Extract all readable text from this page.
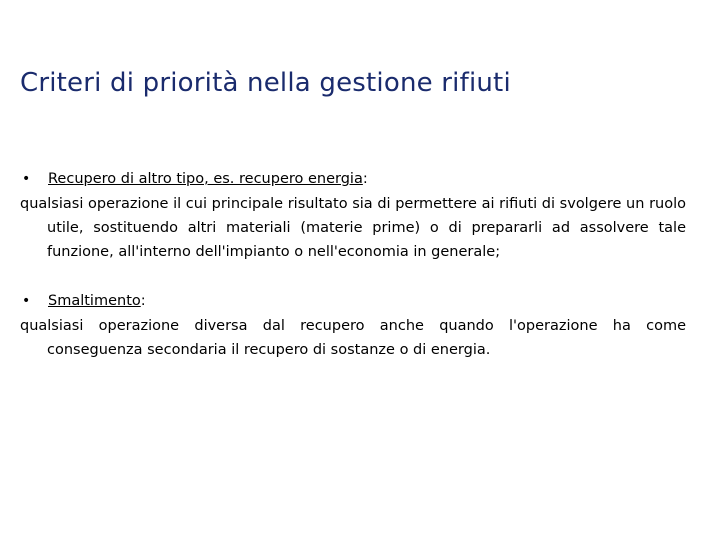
Criteri di priorità nella gestione rifiuti
• Recupero di altro tipo, es. recupero energia:

qualsiasi operazione il cui principale risultato sia di permettere ai rifiuti di svolgere un ruolo utile, sostituendo altri materiali (materie prime) o di prepararli ad assolvere tale funzione, all'interno dell'impianto o nell'economia in generale;

• Smaltimento:

qualsiasi operazione diversa dal recupero anche quando l'operazione ha come conseguenza secondaria il recupero di sostanze o di energia.
